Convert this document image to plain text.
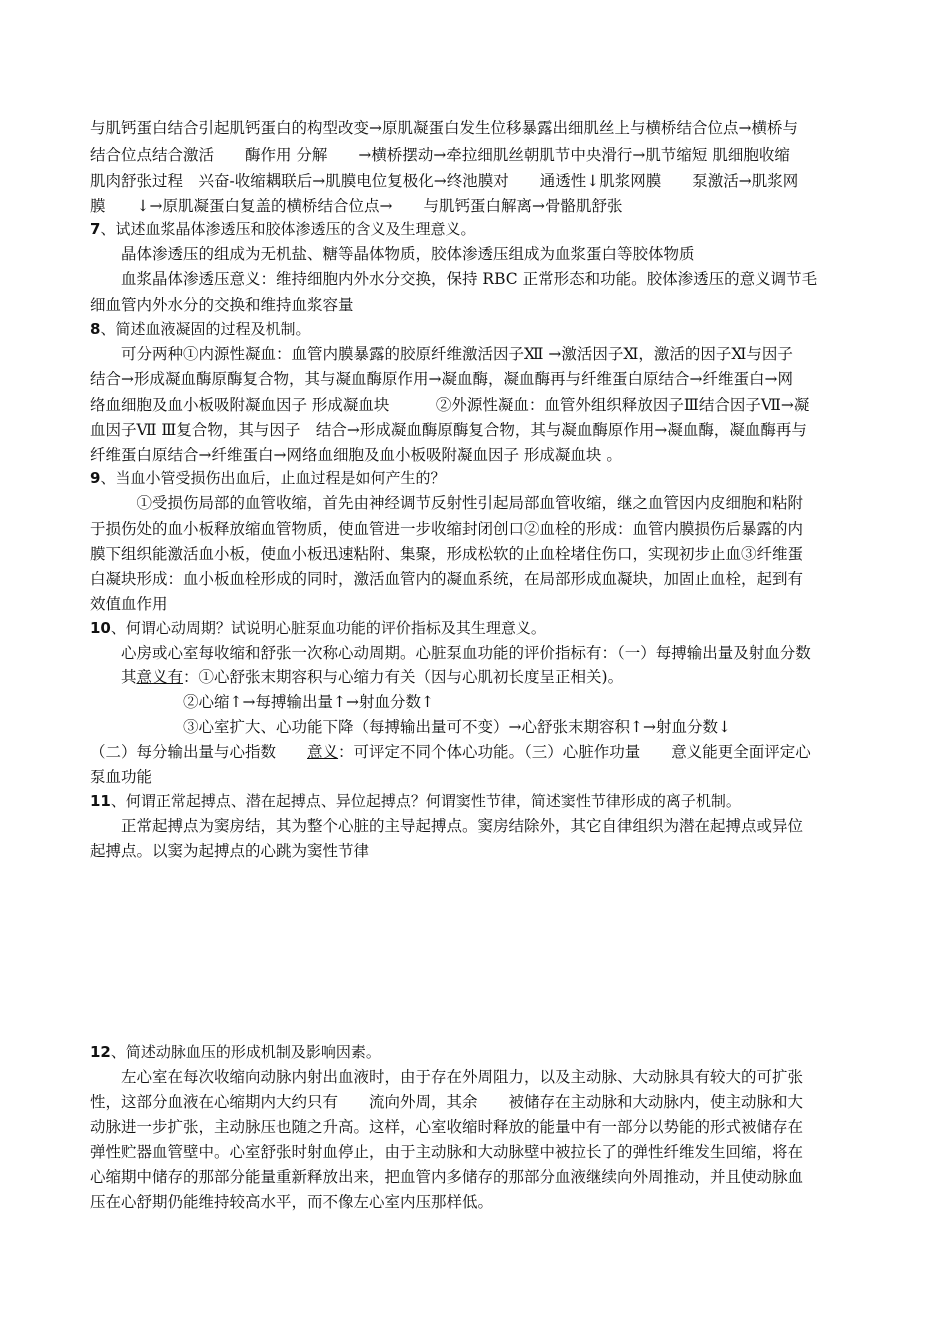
与肌钙蛋白结合引起肌钙蛋白的构型改变→原肌凝蛋白发生位移暴露出细肌丝上与横桥结合位点→横桥与
结合位点结合激活　　酶作用 分解　　→横桥摆动→牵拉细肌丝朝肌节中央滑行→肌节缩短 肌细胞收缩
肌肉舒张过程　兴奋-收缩耦联后→肌膜电位复极化→终池膜对　　通透性↓肌浆网膜　　泵激活→肌浆网
膜　　↓→原肌凝蛋白复盖的横桥结合位点→　　与肌钙蛋白解离→骨骼肌舒张
7、试述血浆晶体渗透压和胶体渗透压的含义及生理意义。
　　晶体渗透压的组成为无机盐、糖等晶体物质，胶体渗透压组成为血浆蛋白等胶体物质
　　血浆晶体渗透压意义：维持细胞内外水分交换，保持 RBC 正常形态和功能。胶体渗透压的意义调节毛
细血管内外水分的交换和维持血浆容量
8、简述血液凝固的过程及机制。
　　可分两种①内源性凝血：血管内膜暴露的胶原纤维激活因子Ⅻ →激活因子Ⅺ，激活的因子Ⅺ与因子
结合→形成凝血酶原酶复合物，其与凝血酶原作用→凝血酶，凝血酶再与纤维蛋白原结合→纤维蛋白→网
络血细胞及血小板吸附凝血因子 形成凝血块　　　②外源性凝血：血管外组织释放因子Ⅲ结合因子Ⅶ→凝
血因子Ⅶ Ⅲ复合物，其与因子　结合→形成凝血酶原酶复合物，其与凝血酶原作用→凝血酶，凝血酶再与
纤维蛋白原结合→纤维蛋白→网络血细胞及血小板吸附凝血因子 形成凝血块 。
9、当血小管受损伤出血后，止血过程是如何产生的？
　　　①受损伤局部的血管收缩，首先由神经调节反射性引起局部血管收缩，继之血管因内皮细胞和粘附
于损伤处的血小板释放缩血管物质，使血管进一步收缩封闭创口②血栓的形成：血管内膜损伤后暴露的内
膜下组织能激活血小板，使血小板迅速粘附、集聚，形成松软的止血栓堵住伤口，实现初步止血③纤维蛋
白凝块形成：血小板血栓形成的同时，激活血管内的凝血系统，在局部形成血凝块，加固止血栓，起到有
效值血作用
10、何谓心动周期？试说明心脏泵血功能的评价指标及其生理意义。
　　心房或心室每收缩和舒张一次称心动周期。心脏泵血功能的评价指标有：（一）每搏输出量及射血分数
　　其意义有：①心舒张末期容积与心缩力有关（因与心肌初长度呈正相关)。
　　　　　　②心缩↑→每搏输出量↑→射血分数↑
　　　　　　③心室扩大、心功能下降（每搏输出量可不变）→心舒张末期容积↑→射血分数↓
（二）每分输出量与心指数　　意义：可评定不同个体心功能。（三）心脏作功量　　意义能更全面评定心
泵血功能
11、何谓正常起搏点、潜在起搏点、异位起搏点？何谓窦性节律，简述窦性节律形成的离子机制。
　　正常起搏点为窦房结，其为整个心脏的主导起搏点。窦房结除外，其它自律组织为潜在起搏点或异位
起搏点。以窦为起搏点的心跳为窦性节律
12、简述动脉血压的形成机制及影响因素。
　　左心室在每次收缩向动脉内射出血液时，由于存在外周阻力，以及主动脉、大动脉具有较大的可扩张
性，这部分血液在心缩期内大约只有　　流向外周，其余　　被储存在主动脉和大动脉内，使主动脉和大
动脉进一步扩张，主动脉压也随之升高。这样，心室收缩时释放的能量中有一部分以势能的形式被储存在
弹性贮器血管壁中。心室舒张时射血停止，由于主动脉和大动脉壁中被拉长了的弹性纤维发生回缩，将在
心缩期中储存的那部分能量重新释放出来，把血管内多储存的那部分血液继续向外周推动，并且使动脉血
压在心舒期仍能维持较高水平，而不像左心室内压那样低。
